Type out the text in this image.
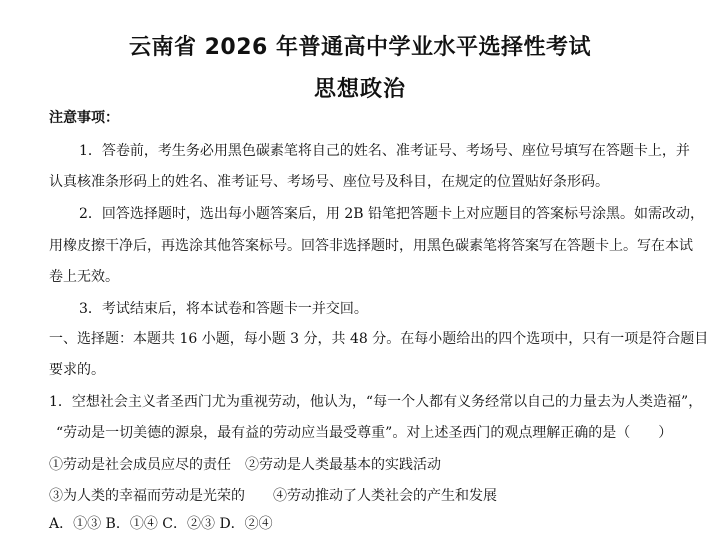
云南省 2026 年普通高中学业水平选择性考试
思想政治
注意事项：
1．答卷前，考生务必用黑色碳素笔将自己的姓名、准考证号、考场号、座位号填写在答题卡上，并
认真核准条形码上的姓名、准考证号、考场号、座位号及科目，在规定的位置贴好条形码。
2．回答选择题时，选出每小题答案后，用 2B 铅笔把答题卡上对应题目的答案标号涂黑。如需改动，
用橡皮擦干净后，再选涂其他答案标号。回答非选择题时，用黑色碳素笔将答案写在答题卡上。写在本试
卷上无效。
3．考试结束后，将本试卷和答题卡一并交回。
一、选择题：本题共 16 小题，每小题 3 分，共 48 分。在每小题给出的四个选项中，只有一项是符合题目
要求的。
1．空想社会主义者圣西门尤为重视劳动，他认为，“每一个人都有义务经常以自己的力量去为人类造福”，
“劳动是一切美德的源泉，最有益的劳动应当最受尊重”。对上述圣西门的观点理解正确的是（　　）
①劳动是社会成员应尽的责任　②劳动是人类最基本的实践活动
③为人类的幸福而劳动是光荣的　　④劳动推动了人类社会的产生和发展
A．①③ B．①④ C．②③ D．②④
